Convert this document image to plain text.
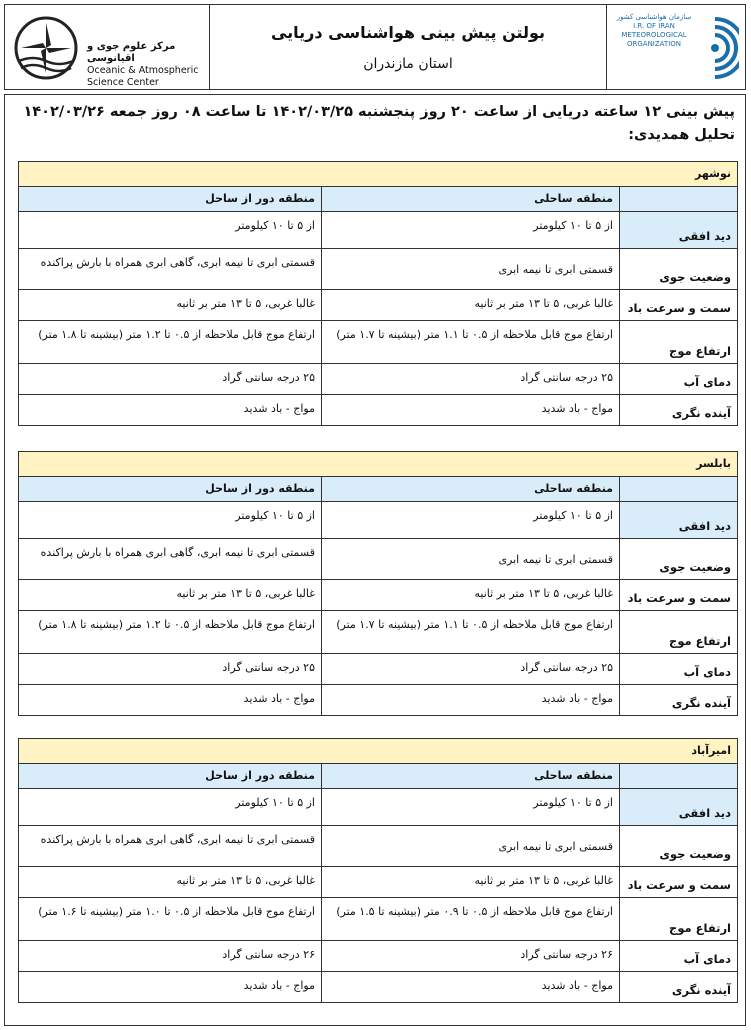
مرکز علوم جوی و اقیانوسی
Oceanic & Atmospheric
Science Center
بولتن پیش بینی هواشناسی دریایی
استان مازندران
سازمان هواشناسی کشور
I.R. OF IRAN
METEOROLOGICAL
ORGANIZATION
پیش بینی ۱۲ ساعته دریایی از ساعت ۲۰ روز پنجشنبه ۱۴۰۲/۰۳/۲۵ تا ساعت ۰۸ روز جمعه ۱۴۰۲/۰۳/۲۶
تحلیل همدیدی:
نوشهر
منطقه ساحلی
منطقه دور از ساحل
دید افقی
از ۵ تا ۱۰ کیلومتر
از ۵ تا ۱۰ کیلومتر
وضعیت جوی
قسمتی ابری تا نیمه ابری
قسمتی ابری تا نیمه ابری، گاهی ابری همراه با بارش پراکنده
سمت و سرعت باد
غالبا غربی، ۵ تا ۱۳ متر بر ثانیه
غالبا غربی، ۵ تا ۱۳ متر بر ثانیه
ارتفاع موج
ارتفاع موج قابل ملاحظه از ۰.۵ تا ۱.۱ متر (بیشینه تا ۱.۷ متر)
ارتفاع موج قابل ملاحظه از ۰.۵ تا ۱.۲ متر (بیشینه تا ۱.۸ متر)
دمای آب
۲۵ درجه سانتی گراد
۲۵ درجه سانتی گراد
آینده نگری
مواج - باد شدید
مواج - باد شدید
بابلسر
منطقه ساحلی
منطقه دور از ساحل
دید افقی
از ۵ تا ۱۰ کیلومتر
از ۵ تا ۱۰ کیلومتر
وضعیت جوی
قسمتی ابری تا نیمه ابری
قسمتی ابری تا نیمه ابری، گاهی ابری همراه با بارش پراکنده
سمت و سرعت باد
غالبا غربی، ۵ تا ۱۳ متر بر ثانیه
غالبا غربی، ۵ تا ۱۳ متر بر ثانیه
ارتفاع موج
ارتفاع موج قابل ملاحظه از ۰.۵ تا ۱.۱ متر (بیشینه تا ۱.۷ متر)
ارتفاع موج قابل ملاحظه از ۰.۵ تا ۱.۲ متر (بیشینه تا ۱.۸ متر)
دمای آب
۲۵ درجه سانتی گراد
۲۵ درجه سانتی گراد
آینده نگری
مواج - باد شدید
مواج - باد شدید
امیرآباد
منطقه ساحلی
منطقه دور از ساحل
دید افقی
از ۵ تا ۱۰ کیلومتر
از ۵ تا ۱۰ کیلومتر
وضعیت جوی
قسمتی ابری تا نیمه ابری
قسمتی ابری تا نیمه ابری، گاهی ابری همراه با بارش پراکنده
سمت و سرعت باد
غالبا غربی، ۵ تا ۱۳ متر بر ثانیه
غالبا غربی، ۵ تا ۱۳ متر بر ثانیه
ارتفاع موج
ارتفاع موج قابل ملاحظه از ۰.۵ تا ۰.۹ متر (بیشینه تا ۱.۵ متر)
ارتفاع موج قابل ملاحظه از ۰.۵ تا ۱.۰ متر (بیشینه تا ۱.۶ متر)
دمای آب
۲۶ درجه سانتی گراد
۲۶ درجه سانتی گراد
آینده نگری
مواج - باد شدید
مواج - باد شدید
